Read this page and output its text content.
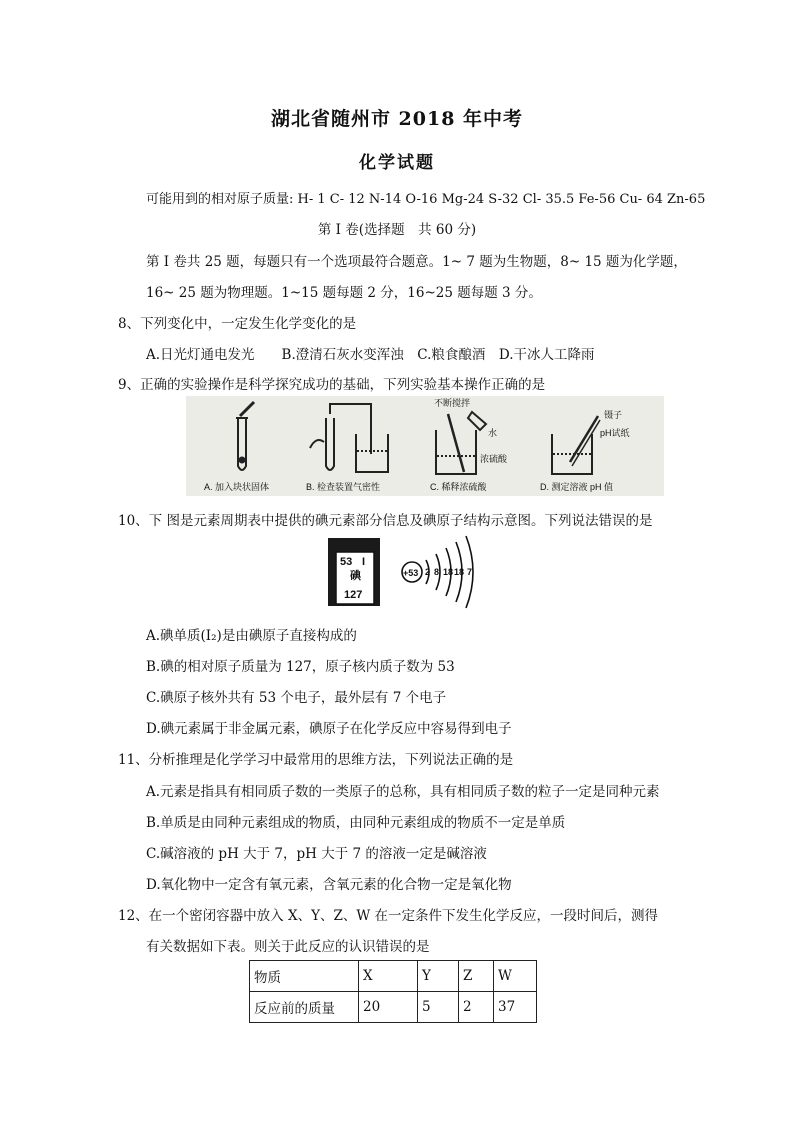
湖北省随州市 2018 年中考
化学试题
可能用到的相对原子质量: H- 1 C- 12 N-14 O-16 Mg-24 S-32 Cl- 35.5 Fe-56 Cu- 64 Zn-65
第 I 卷(选择题　共 60 分)
第 I 卷共 25 题，每题只有一个选项最符合题意。1~ 7 题为生物题，8~ 15 题为化学题，
16~ 25 题为物理题。1~15 题每题 2 分，16~25 题每题 3 分。
8、下列变化中，一定发生化学变化的是
A.日光灯通电发光　　B.澄清石灰水变浑浊　C.粮食酿酒　D.干冰人工降雨
9、正确的实验操作是科学探究成功的基础，下列实验基本操作正确的是
不断搅拌
水
浓硫酸
镊子
pH试纸
A. 加入块状固体	B. 检查装置气密性	C. 稀释浓硫酸	D. 测定溶液 pH 值
10、下 图是元素周期表中提供的碘元素部分信息及碘原子结构示意图。下列说法错误的是
53 I
碘
127
+53 2 8 18 18 7
A.碘单质(I₂)是由碘原子直接构成的
B.碘的相对原子质量为 127，原子核内质子数为 53
C.碘原子核外共有 53 个电子，最外层有 7 个电子
D.碘元素属于非金属元素，碘原子在化学反应中容易得到电子
11、分析推理是化学学习中最常用的思维方法，下列说法正确的是
A.元素是指具有相同质子数的一类原子的总称，具有相同质子数的粒子一定是同种元素
B.单质是由同种元素组成的物质，由同种元素组成的物质不一定是单质
C.碱溶液的 pH 大于 7，pH 大于 7 的溶液一定是碱溶液
D.氧化物中一定含有氧元素，含氧元素的化合物一定是氧化物
12、在一个密闭容器中放入 X、Y、Z、W 在一定条件下发生化学反应，一段时间后，测得
有关数据如下表。则关于此反应的认识错误的是
物质	X	Y	Z	W
反应前的质量	20	5	2	37
